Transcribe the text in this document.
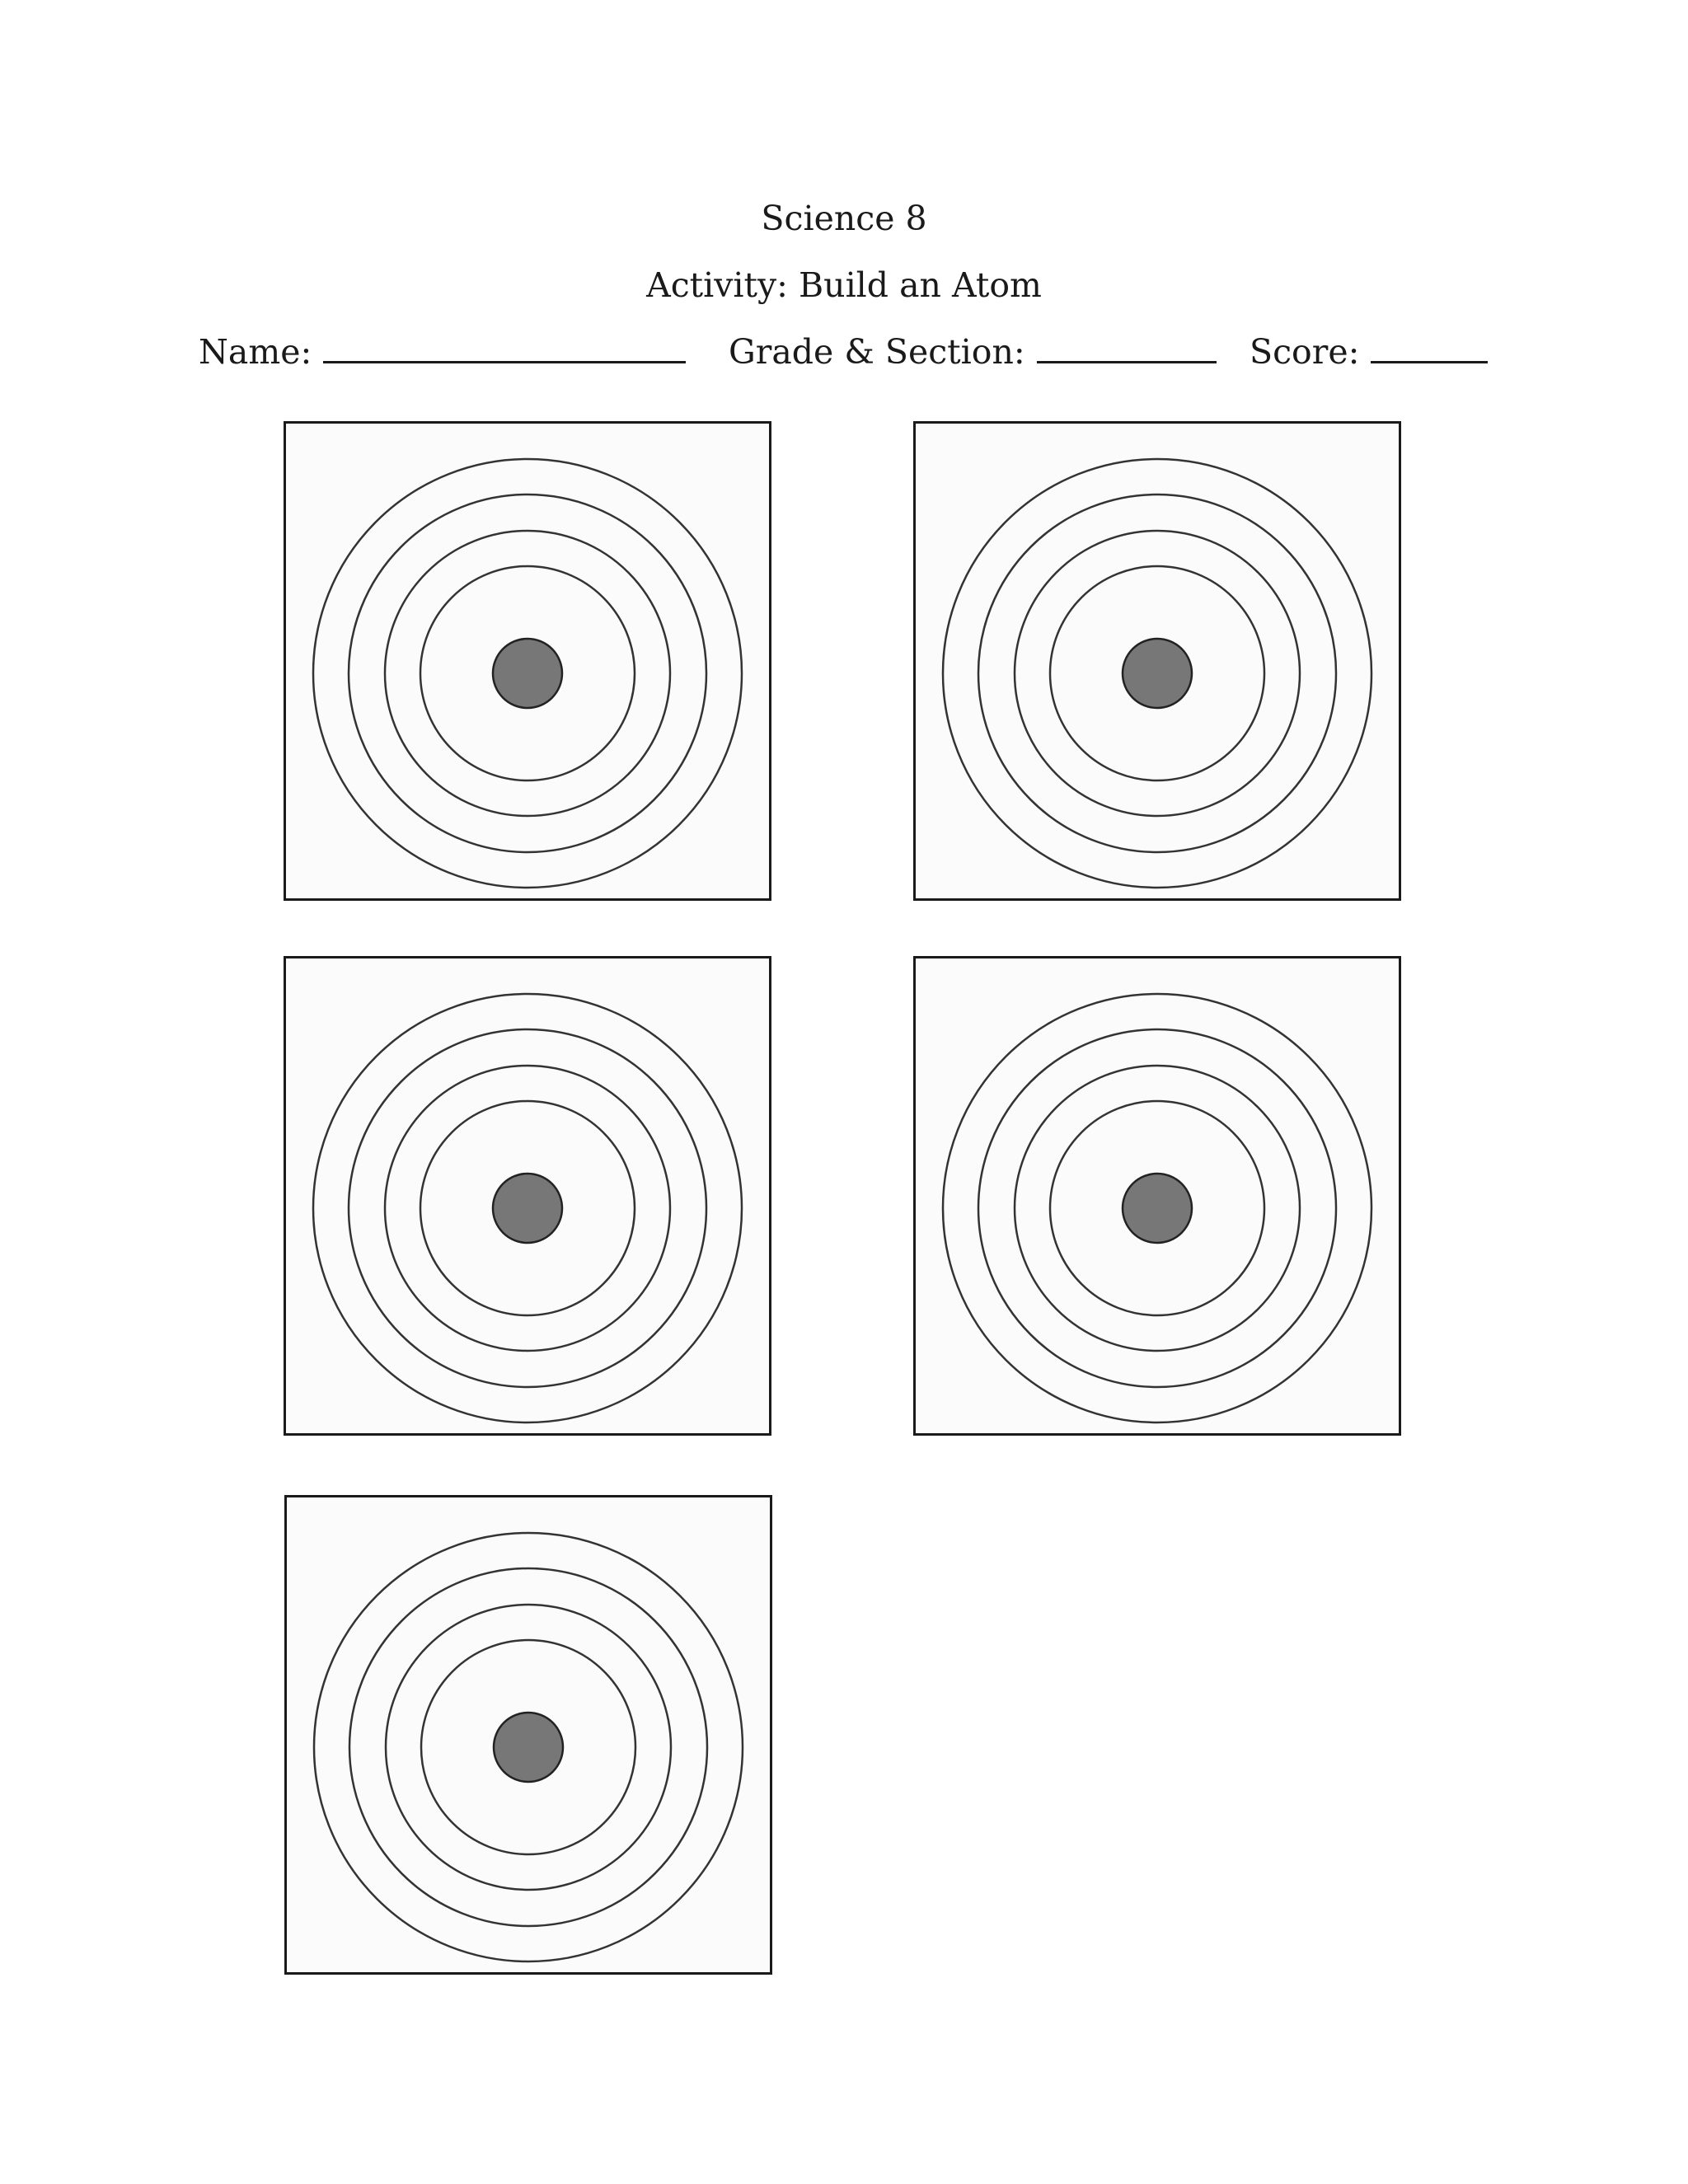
Science 8
Activity: Build an Atom
Name:	Grade & Section:	Score:
